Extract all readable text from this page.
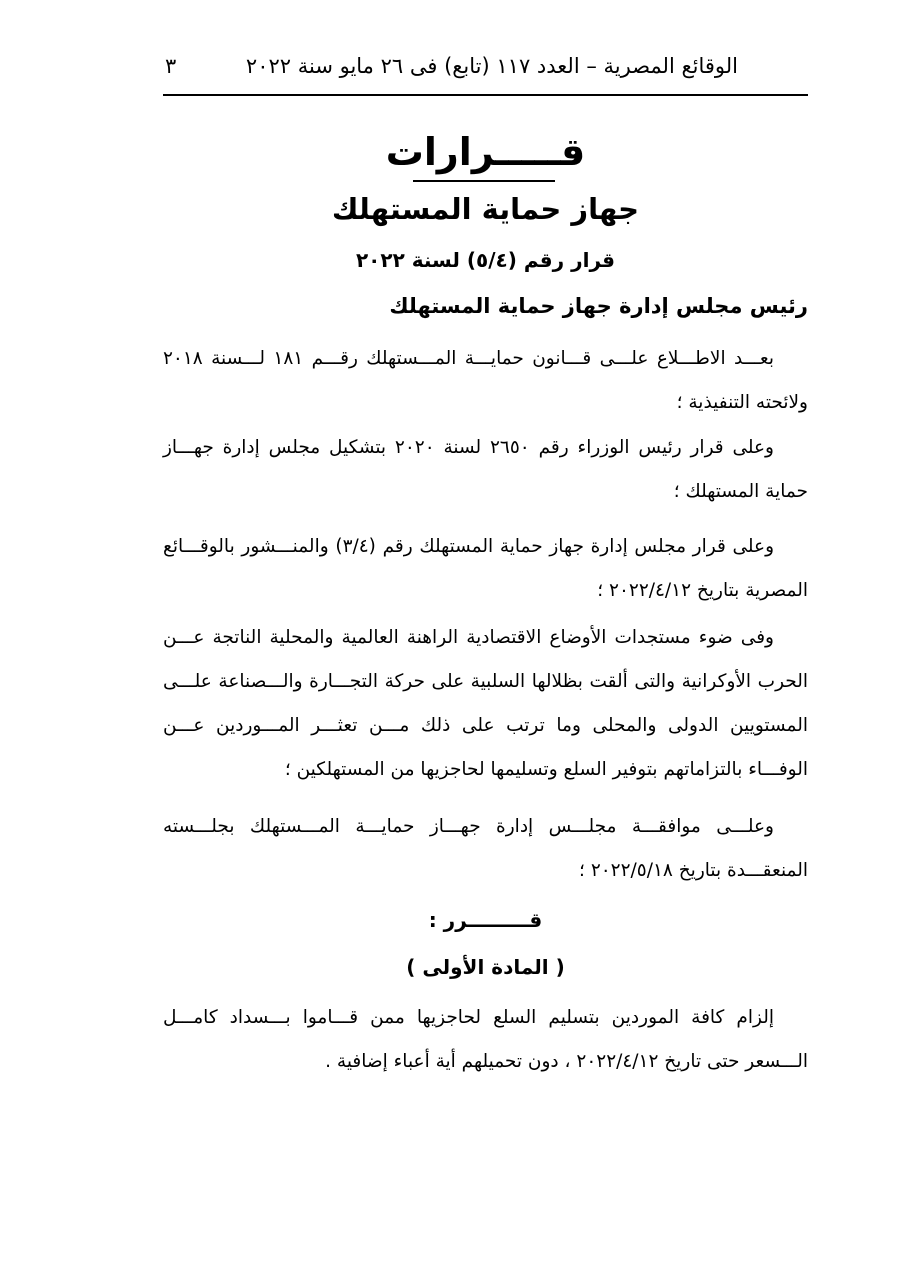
الوقائع المصرية – العدد ١١٧ (تابع) فى ٢٦ مايو سنة ٢٠٢٢
٣
قـــــرارات
جهاز حماية المستهلك
قرار رقم (٥/٤) لسنة ٢٠٢٢
رئيس مجلس إدارة جهاز حماية المستهلك
بعـــد الاطـــلاع علـــى قـــانون حمايـــة المـــستهلك رقـــم ١٨١ لـــسنة ٢٠١٨ ولائحته التنفيذية ؛
وعلى قرار رئيس الوزراء رقم ٢٦٥٠ لسنة ٢٠٢٠ بتشكيل مجلس إدارة جهـــاز حماية المستهلك ؛
وعلى قرار مجلس إدارة جهاز حماية المستهلك رقم (٣/٤) والمنـــشور بالوقـــائع المصرية بتاريخ ٢٠٢٢/٤/١٢ ؛
وفى ضوء مستجدات الأوضاع الاقتصادية الراهنة العالمية والمحلية الناتجة عـــن الحرب الأوكرانية والتى ألقت بظلالها السلبية على حركة التجـــارة والـــصناعة علـــى المستويين الدولى والمحلى وما ترتب على ذلك مـــن تعثـــر المـــوردين عـــن الوفـــاء بالتزاماتهم بتوفير السلع وتسليمها لحاجزيها من المستهلكين ؛
وعلـــى موافقـــة مجلـــس إدارة جهـــاز حمايـــة المـــستهلك بجلـــسته المنعقـــدة بتاريخ ٢٠٢٢/٥/١٨ ؛
قـــــــــرر :
( المادة الأولى )
إلزام كافة الموردين بتسليم السلع لحاجزيها ممن قـــاموا بـــسداد كامـــل الـــسعر حتى تاريخ ٢٠٢٢/٤/١٢ ، دون تحميلهم أية أعباء إضافية .
